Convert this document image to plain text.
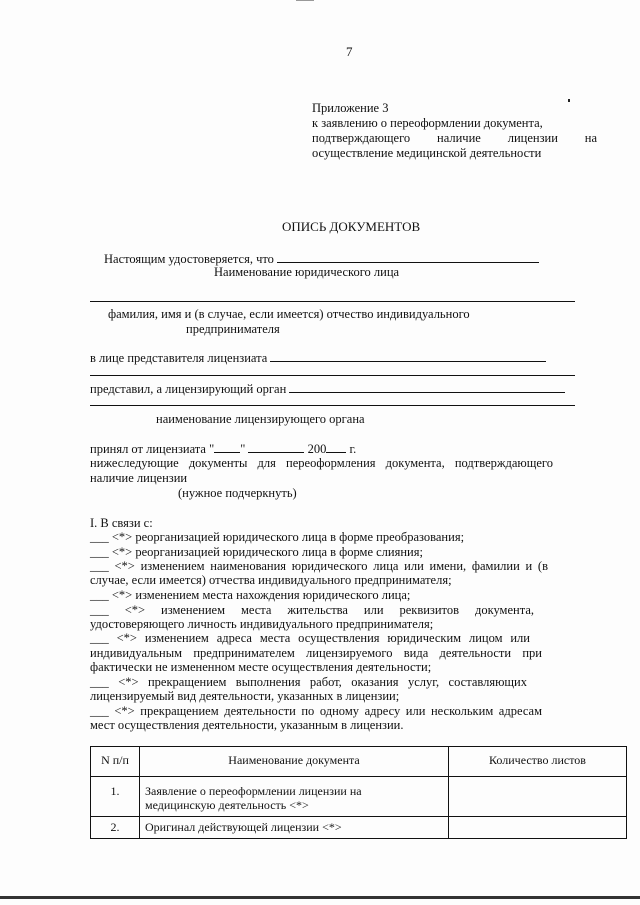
7
Приложение 3
к заявлению о переоформлении документа,
подтверждающего наличие лицензии на
осуществление медицинской деятельности
ОПИСЬ ДОКУМЕНТОВ
Настоящим удостоверяется, что
Наименование юридического лица
фамилия, имя и (в случае, если имеется) отчество индивидуального
предпринимателя
в лице представителя лицензиата
представил, а лицензирующий орган
наименование лицензирующего органа
принял от лицензиата " "	200 г.
нижеследующие документы для переоформления документа, подтверждающего
наличие лицензии
(нужное подчеркнуть)
I. В связи с:
___ <*> реорганизацией юридического лица в форме преобразования;
___ <*> реорганизацией юридического лица в форме слияния;
___ <*> изменением наименования юридического лица или имени, фамилии и (в
случае, если имеется) отчества индивидуального предпринимателя;
___ <*> изменением места нахождения юридического лица;
___ <*> изменением места жительства или реквизитов документа,
удостоверяющего личность индивидуального предпринимателя;
___ <*> изменением адреса места осуществления юридическим лицом или
индивидуальным предпринимателем лицензируемого вида деятельности при
фактически не измененном месте осуществления деятельности;
___ <*> прекращением выполнения работ, оказания услуг, составляющих
лицензируемый вид деятельности, указанных в лицензии;
___ <*> прекращением деятельности по одному адресу или нескольким адресам
мест осуществления деятельности, указанным в лицензии.
N п/п	Наименование документа	Количество листов
1.	Заявление о переоформлении лицензии на
медицинскую деятельность <*>	

2.	Оригинал действующей лицензии <*>	
